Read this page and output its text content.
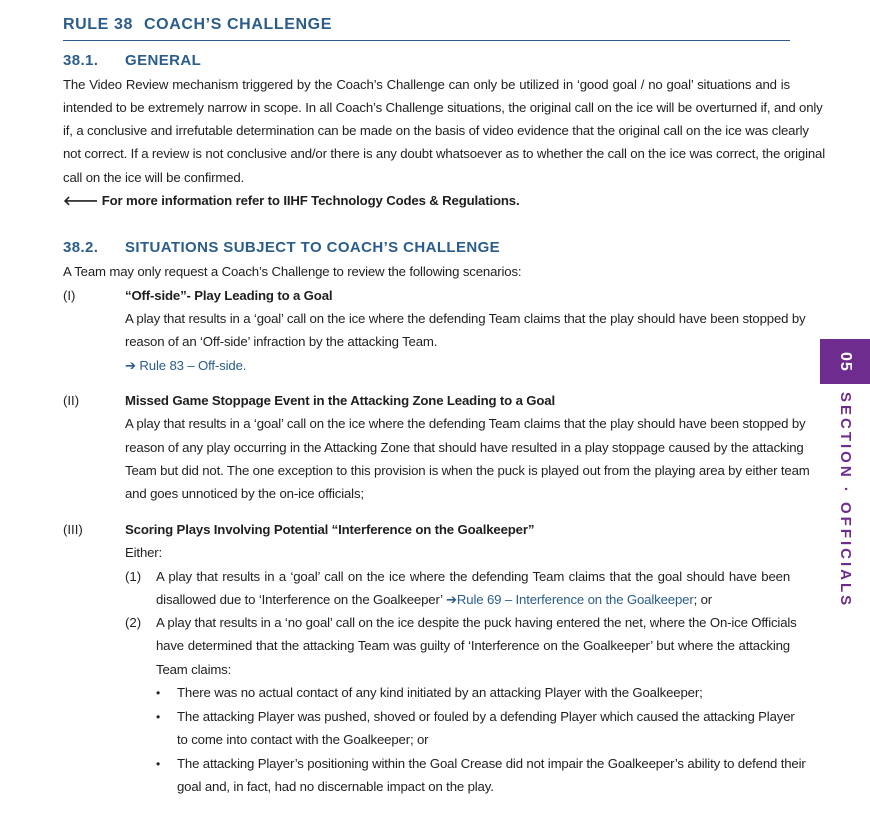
RULE 38 COACH’S CHALLENGE
38.1. GENERAL
The Video Review mechanism triggered by the Coach’s Challenge can only be utilized in ‘good goal / no goal’ situations and is
intended to be extremely narrow in scope. In all Coach’s Challenge situations, the original call on the ice will be overturned if, and only
if, a conclusive and irrefutable determination can be made on the basis of video evidence that the original call on the ice was clearly
not correct. If a review is not conclusive and/or there is any doubt whatsoever as to whether the call on the ice was correct, the original
call on the ice will be confirmed.
🡐 For more information refer to IIHF Technology Codes & Regulations.
38.2. SITUATIONS SUBJECT TO COACH’S CHALLENGE
A Team may only request a Coach’s Challenge to review the following scenarios:
(I)	“Off-side”- Play Leading to a Goal
A play that results in a ‘goal’ call on the ice where the defending Team claims that the play should have been stopped by
reason of an ‘Off-side’ infraction by the attacking Team.
➔ Rule 83 – Off-side.
(II)	Missed Game Stoppage Event in the Attacking Zone Leading to a Goal
A play that results in a ‘goal’ call on the ice where the defending Team claims that the play should have been stopped by
reason of any play occurring in the Attacking Zone that should have resulted in a play stoppage caused by the attacking
Team but did not. The one exception to this provision is when the puck is played out from the playing area by either team
and goes unnoticed by the on-ice officials;
(III)	Scoring Plays Involving Potential “Interference on the Goalkeeper”
Either:
(1) A play that results in a ‘goal’ call on the ice where the defending Team claims that the goal should have been
disallowed due to ‘Interference on the Goalkeeper’ ➔Rule 69 – Interference on the Goalkeeper; or
(2) A play that results in a ‘no goal’ call on the ice despite the puck having entered the net, where the On-ice Officials
have determined that the attacking Team was guilty of ‘Interference on the Goalkeeper’ but where the attacking
Team claims:
• There was no actual contact of any kind initiated by an attacking Player with the Goalkeeper;
• The attacking Player was pushed, shoved or fouled by a defending Player which caused the attacking Player
to come into contact with the Goalkeeper; or
• The attacking Player’s positioning within the Goal Crease did not impair the Goalkeeper’s ability to defend their
goal and, in fact, had no discernable impact on the play.
05
SECTION · OFFICIALS
